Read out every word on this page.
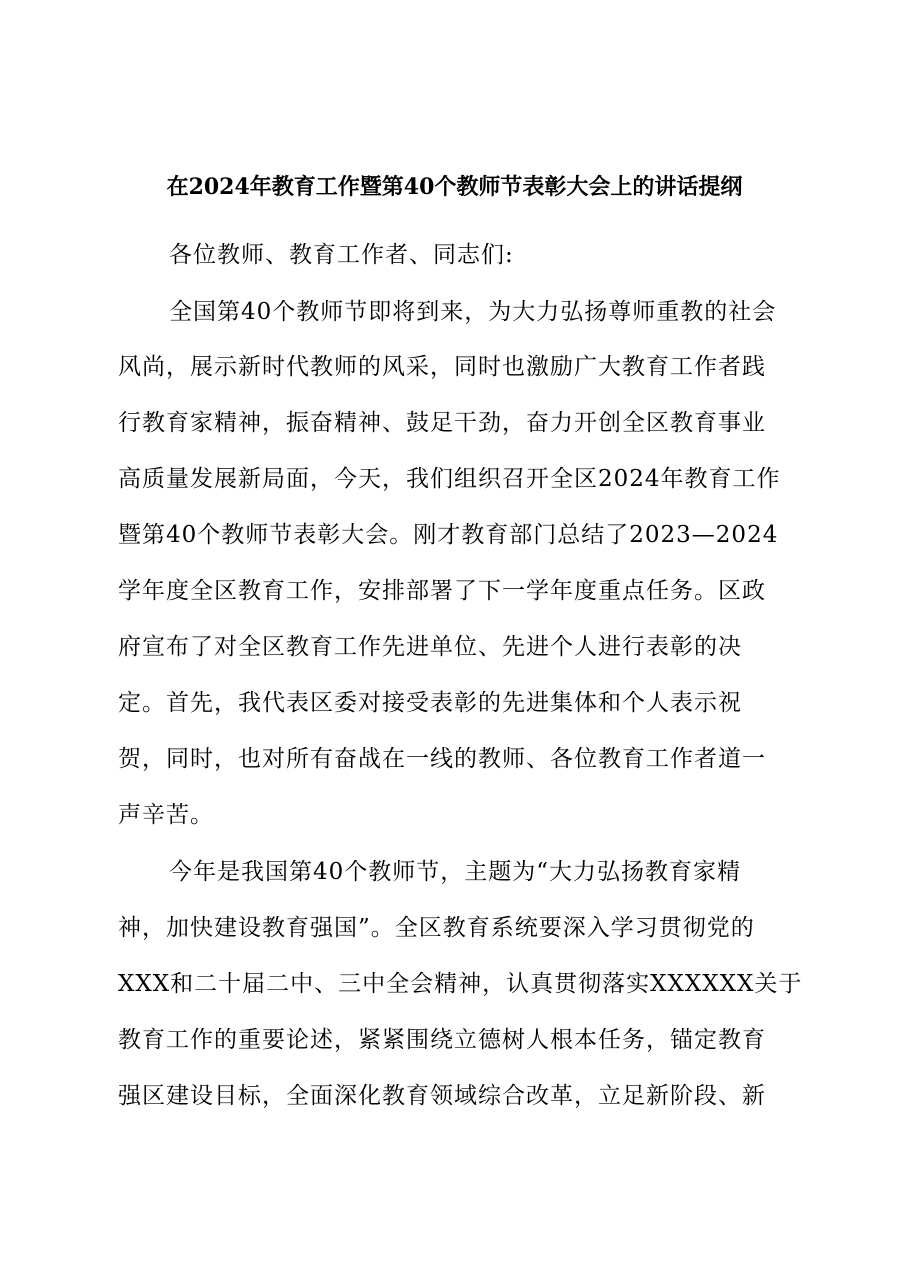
在2024年教育工作暨第40个教师节表彰大会上的讲话提纲
各位教师、教育工作者、同志们:
全国第40个教师节即将到来，为大力弘扬尊师重教的社会
风尚，展示新时代教师的风采，同时也激励广大教育工作者践
行教育家精神，振奋精神、鼓足干劲，奋力开创全区教育事业
高质量发展新局面，今天，我们组织召开全区2024年教育工作
暨第40个教师节表彰大会。刚才教育部门总结了2023—2024
学年度全区教育工作，安排部署了下一学年度重点任务。区政
府宣布了对全区教育工作先进单位、先进个人进行表彰的决
定。首先，我代表区委对接受表彰的先进集体和个人表示祝
贺，同时，也对所有奋战在一线的教师、各位教育工作者道一
声辛苦。
今年是我国第40个教师节，主题为“大力弘扬教育家精
神，加快建设教育强国”。全区教育系统要深入学习贯彻党的
XXX和二十届二中、三中全会精神，认真贯彻落实XXXXXX关于
教育工作的重要论述，紧紧围绕立德树人根本任务，锚定教育
强区建设目标，全面深化教育领域综合改革，立足新阶段、新
